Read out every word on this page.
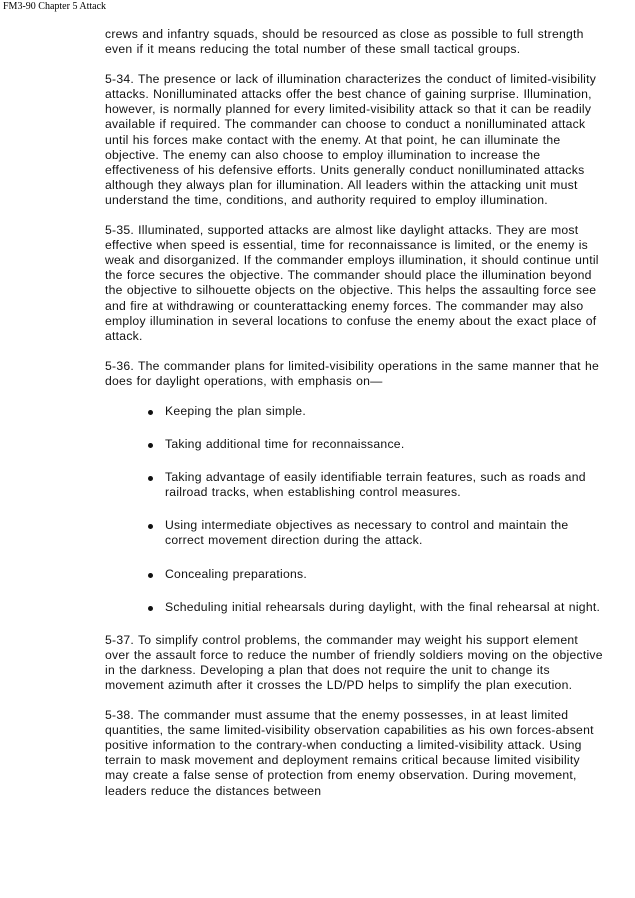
FM3-90 Chapter 5 Attack

crews and infantry squads, should be resourced as close as possible to full strength even if it means reducing the total number of these small tactical groups.

5-34. The presence or lack of illumination characterizes the conduct of limited-visibility attacks. Nonilluminated attacks offer the best chance of gaining surprise. Illumination, however, is normally planned for every limited-visibility attack so that it can be readily available if required. The commander can choose to conduct a nonilluminated attack until his forces make contact with the enemy. At that point, he can illuminate the objective. The enemy can also choose to employ illumination to increase the effectiveness of his defensive efforts. Units generally conduct nonilluminated attacks although they always plan for illumination. All leaders within the attacking unit must understand the time, conditions, and authority required to employ illumination.

5-35. Illuminated, supported attacks are almost like daylight attacks. They are most effective when speed is essential, time for reconnaissance is limited, or the enemy is weak and disorganized. If the commander employs illumination, it should continue until the force secures the objective. The commander should place the illumination beyond the objective to silhouette objects on the objective. This helps the assaulting force see and fire at withdrawing or counterattacking enemy forces. The commander may also employ illumination in several locations to confuse the enemy about the exact place of attack.

5-36. The commander plans for limited-visibility operations in the same manner that he does for daylight operations, with emphasis on—

Keeping the plan simple.
Taking additional time for reconnaissance.
Taking advantage of easily identifiable terrain features, such as roads and railroad tracks, when establishing control measures.
Using intermediate objectives as necessary to control and maintain the correct movement direction during the attack.
Concealing preparations.
Scheduling initial rehearsals during daylight, with the final rehearsal at night.

5-37. To simplify control problems, the commander may weight his support element over the assault force to reduce the number of friendly soldiers moving on the objective in the darkness. Developing a plan that does not require the unit to change its movement azimuth after it crosses the LD/PD helps to simplify the plan execution.

5-38. The commander must assume that the enemy possesses, in at least limited quantities, the same limited-visibility observation capabilities as his own forces-absent positive information to the contrary-when conducting a limited-visibility attack. Using terrain to mask movement and deployment remains critical because limited visibility may create a false sense of protection from enemy observation. During movement, leaders reduce the distances between
